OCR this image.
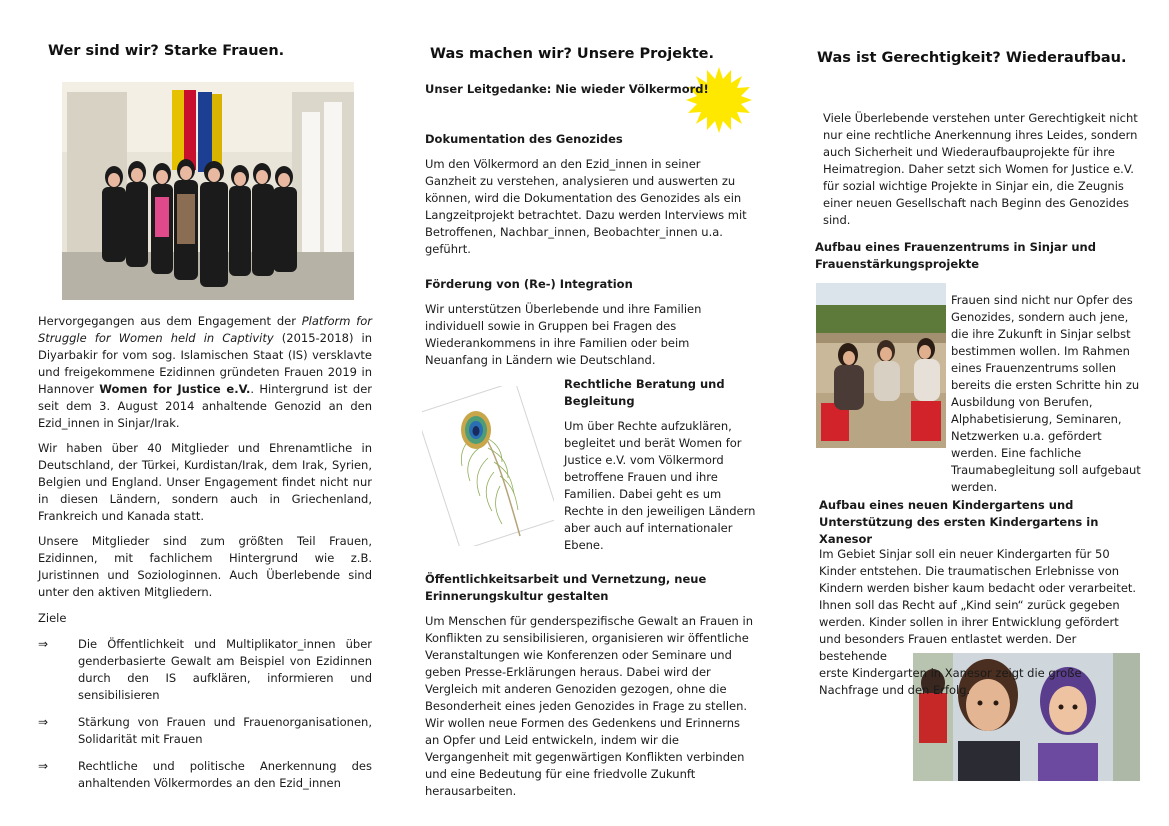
Wer sind wir? Starke Frauen.
Hervorgegangen aus dem Engagement der Platform for Struggle for Women held in Captivity (2015-2018) in Diyarbakir for vom sog. Islamischen Staat (IS) versklavte und freigekommene Ezidinnen gründeten Frauen 2019 in Hannover Women for Justice e.V.. Hintergrund ist der seit dem 3. August 2014 anhaltende Genozid an den Ezid_innen in Sinjar/Irak.
Wir haben über 40 Mitglieder und Ehrenamtliche in Deutschland, der Türkei, Kurdistan/Irak, dem Irak, Syrien, Belgien und England. Unser Engagement findet nicht nur in diesen Ländern, sondern auch in Griechenland, Frankreich und Kanada statt.
Unsere Mitglieder sind zum größten Teil Frauen, Ezidinnen, mit fachlichem Hintergrund wie z.B. Juristinnen und Soziologinnen. Auch Überlebende sind unter den aktiven Mitgliedern.
Ziele
⇒	Die Öffentlichkeit und Multiplikator_innen über genderbasierte Gewalt am Beispiel von Ezidinnen durch den IS aufklären, informieren und sensibilisieren
⇒	Stärkung von Frauen und Frauenorganisationen, Solidarität mit Frauen
⇒	Rechtliche und politische Anerkennung des anhaltenden Völkermordes an den Ezid_innen
Was machen wir? Unsere Projekte.
Unser Leitgedanke: Nie wieder Völkermord!
Dokumentation des Genozides
Um den Völkermord an den Ezid_innen in seiner Ganzheit zu verstehen, analysieren und auswerten zu können, wird die Dokumentation des Genozides als ein Langzeitprojekt betrachtet. Dazu werden Interviews mit Betroffenen, Nachbar_innen, Beobachter_innen u.a. geführt.
Förderung von (Re-) Integration
Wir unterstützen Überlebende und ihre Familien individuell sowie in Gruppen bei Fragen des Wiederankommens in ihre Familien oder beim Neuanfang in Ländern wie Deutschland.
Rechtliche Beratung und Begleitung
Um über Rechte aufzuklären, begleitet und berät Women for Justice e.V. vom Völkermord betroffene Frauen und ihre Familien. Dabei geht es um Rechte in den jeweiligen Ländern aber auch auf internationaler Ebene.
Öffentlichkeitsarbeit und Vernetzung, neue Erinnerungskultur gestalten
Um Menschen für genderspezifische Gewalt an Frauen in Konflikten zu sensibilisieren, organisieren wir öffentliche Veranstaltungen wie Konferenzen oder Seminare und geben Presse-Erklärungen heraus. Dabei wird der Vergleich mit anderen Genoziden gezogen, ohne die Besonderheit eines jeden Genozides in Frage zu stellen. Wir wollen neue Formen des Gedenkens und Erinnerns an Opfer und Leid entwickeln, indem wir die Vergangenheit mit gegenwärtigen Konflikten verbinden und eine Bedeutung für eine friedvolle Zukunft herausarbeiten.
Was ist Gerechtigkeit? Wiederaufbau.
Viele Überlebende verstehen unter Gerechtigkeit nicht nur eine rechtliche Anerkennung ihres Leides, sondern auch Sicherheit und Wiederaufbauprojekte für ihre Heimatregion. Daher setzt sich Women for Justice e.V. für sozial wichtige Projekte in Sinjar ein, die Zeugnis einer neuen Gesellschaft nach Beginn des Genozides sind.
Aufbau eines Frauenzentrums in Sinjar und Frauenstärkungsprojekte
Frauen sind nicht nur Opfer des Genozides, sondern auch jene, die ihre Zukunft in Sinjar selbst bestimmen wollen. Im Rahmen eines Frauenzentrums sollen bereits die ersten Schritte hin zu Ausbildung von Berufen, Alphabetisierung, Seminaren, Netzwerken u.a. gefördert werden. Eine fachliche Traumabegleitung soll aufgebaut werden.
Aufbau eines neuen Kindergartens und Unterstützung des ersten Kindergartens in Xanesor
Im Gebiet Sinjar soll ein neuer Kindergarten für 50 Kinder entstehen. Die traumatischen Erlebnisse von Kindern werden bisher kaum bedacht oder verarbeitet. Ihnen soll das Recht auf „Kind sein“ zurück gegeben werden. Kinder sollen in ihrer Entwicklung gefördert und besonders Frauen entlastet werden. Der bestehende erste Kindergarten in Xanesor zeigt die große Nachfrage und den Erfolg.
